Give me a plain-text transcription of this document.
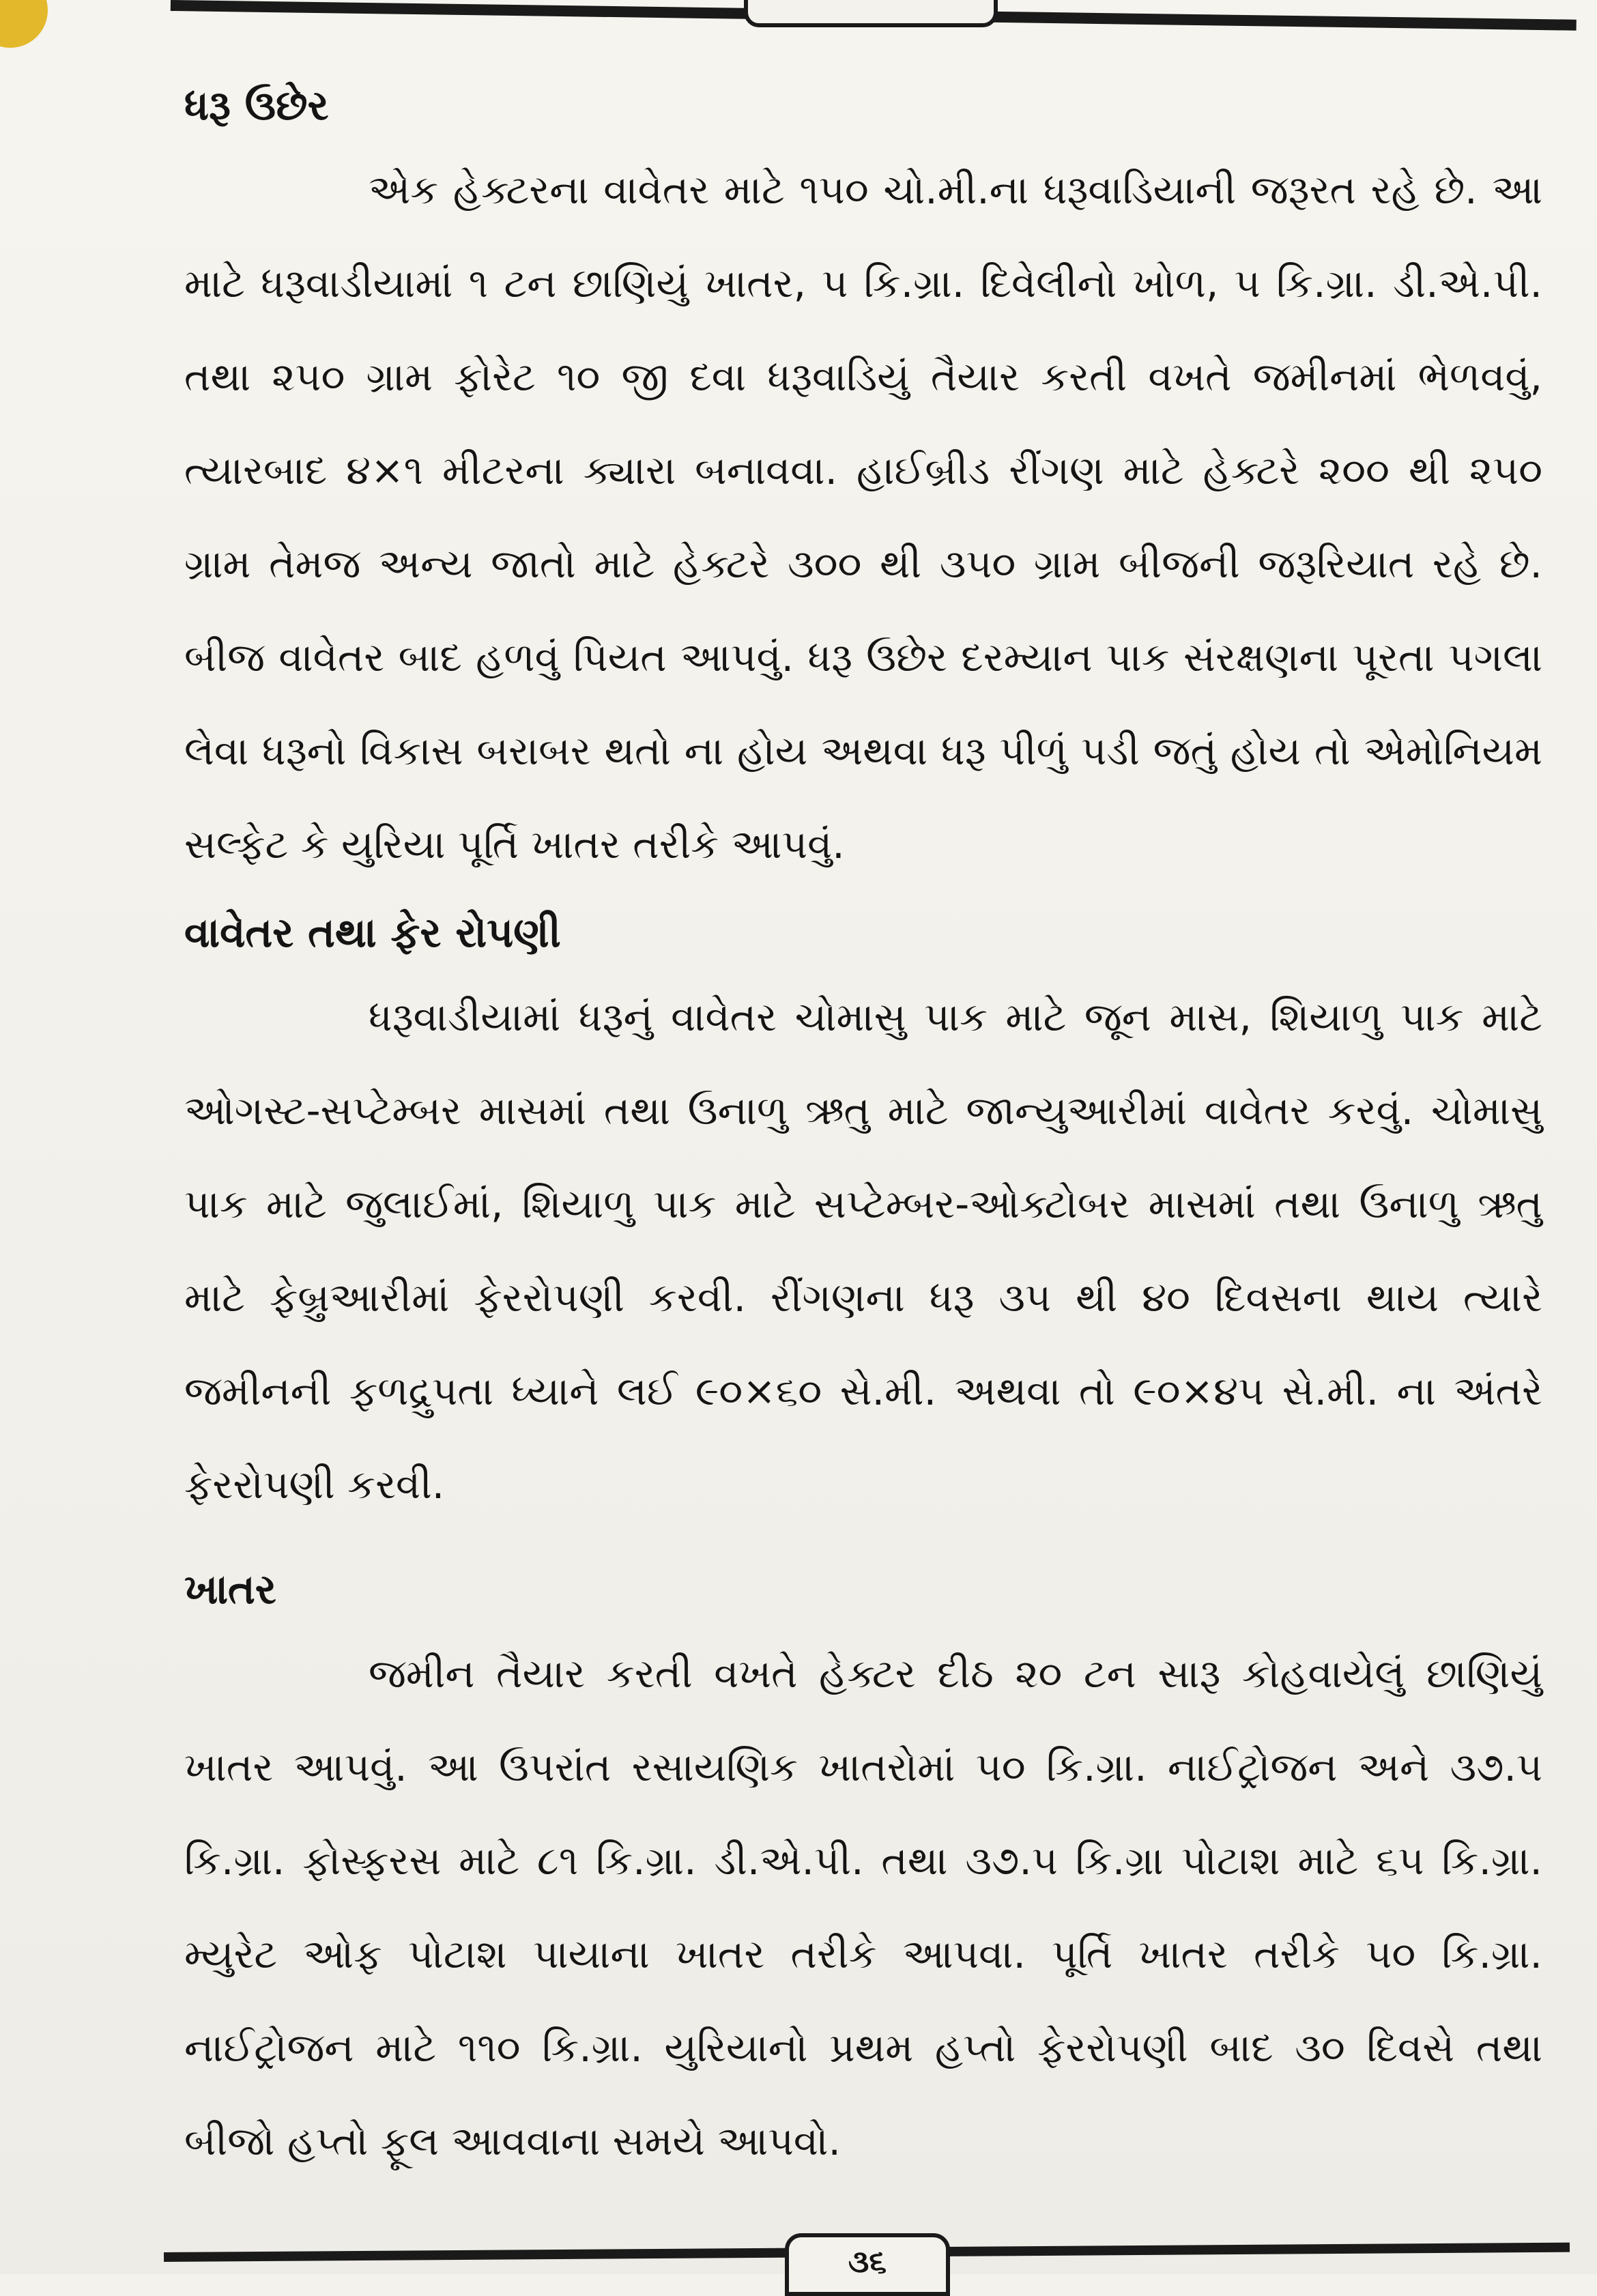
ધરૂ ઉછેર

એક હેક્ટરના વાવેતર માટે ૧૫૦ ચો.મી.ના ધરૂવાડિયાની જરૂરત રહે છે. આ માટે ધરૂવાડીયામાં ૧ ટન છાણિયું ખાતર, ૫ કિ.ગ્રા. દિવેલીનો ખોળ, ૫ કિ.ગ્રા. ડી.એ.પી. તથા ૨૫૦ ગ્રામ ફોરેટ ૧૦ જી દવા ધરૂવાડિયું તૈયાર કરતી વખતે જમીનમાં ભેળવવું, ત્યારબાદ ૪×૧ મીટરના ક્યારા બનાવવા. હાઈબ્રીડ રીંગણ માટે હેક્ટરે ૨૦૦ થી ૨૫૦ ગ્રામ તેમજ અન્ય જાતો માટે હેક્ટરે ૩૦૦ થી ૩૫૦ ગ્રામ બીજની જરૂરિયાત રહે છે. બીજ વાવેતર બાદ હળવું પિયત આપવું. ધરૂ ઉછેર દરમ્યાન પાક સંરક્ષણના પૂરતા પગલા લેવા ધરૂનો વિકાસ બરાબર થતો ના હોય અથવા ધરૂ પીળું પડી જતું હોય તો એમોનિયમ સલ્ફેટ કે યુરિયા પૂર્તિ ખાતર તરીકે આપવું.

વાવેતર તથા ફેર રોપણી

ધરૂવાડીયામાં ધરૂનું વાવેતર ચોમાસુ પાક માટે જૂન માસ, શિયાળુ પાક માટે ઓગસ્ટ-સપ્ટેમ્બર માસમાં તથા ઉનાળુ ઋતુ માટે જાન્યુઆરીમાં વાવેતર કરવું. ચોમાસુ પાક માટે જુલાઈમાં, શિયાળુ પાક માટે સપ્ટેમ્બર-ઓક્ટોબર માસમાં તથા ઉનાળુ ઋતુ માટે ફેબ્રુઆરીમાં ફેરરોપણી કરવી. રીંગણના ધરૂ ૩૫ થી ૪૦ દિવસના થાય ત્યારે જમીનની ફળદ્રુપતા ધ્યાને લઈ ૯૦×૬૦ સે.મી. અથવા તો ૯૦×૪૫ સે.મી. ના અંતરે ફેરરોપણી કરવી.

ખાતર

જમીન તૈયાર કરતી વખતે હેક્ટર દીઠ ૨૦ ટન સારૂ કોહવાયેલું છાણિયું ખાતર આપવું. આ ઉપરાંત રસાયણિક ખાતરોમાં ૫૦ કિ.ગ્રા. નાઈટ્રોજન અને ૩૭.૫ કિ.ગ્રા. ફોસ્ફરસ માટે ૮૧ કિ.ગ્રા. ડી.એ.પી. તથા ૩૭.૫ કિ.ગ્રા પોટાશ માટે ૬૫ કિ.ગ્રા. મ્યુરેટ ઓફ પોટાશ પાયાના ખાતર તરીકે આપવા. પૂર્તિ ખાતર તરીકે ૫૦ કિ.ગ્રા. નાઈટ્રોજન માટે ૧૧૦ કિ.ગ્રા. યુરિયાનો પ્રથમ હપ્તો ફેરરોપણી બાદ ૩૦ દિવસે તથા બીજો હપ્તો ફૂલ આવવાના સમયે આપવો.

૩૬
